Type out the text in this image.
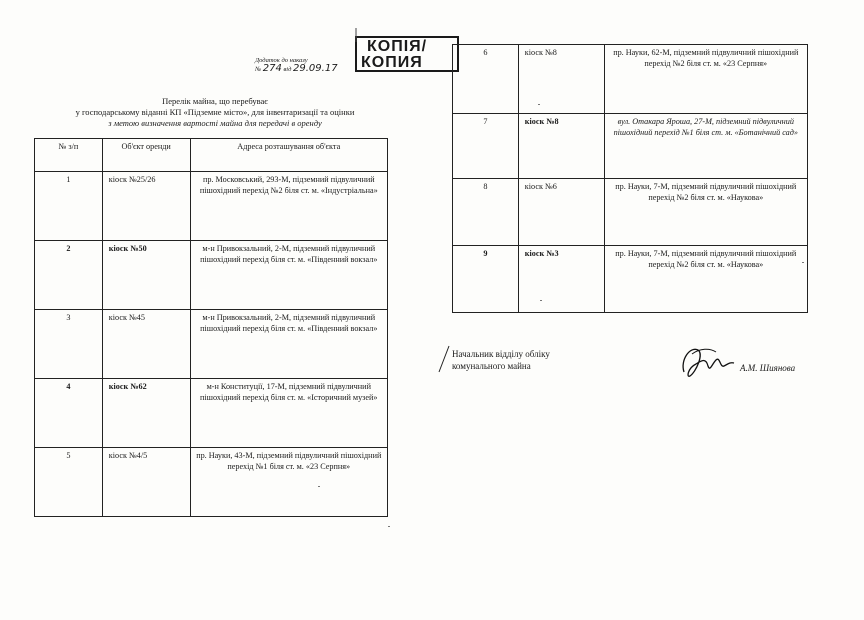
КОПІЯ/
КОПИЯ
Додаток до наказу
№ 274 від 29.09.17
Перелік майна, що перебуває
у господарському віданні КП «Підземне місто», для інвентаризації та оцінки
з метою визначення вартості майна для передачі в оренду
№ з/п	Об'єкт оренди	Адреса розташування об'єкта
1	кіоск №25/26	пр. Московський, 293-М, підземний підвуличний пішохідний перехід №2 біля ст. м. «Індустріальна»
2	кіоск №50	м-н Привокзальний, 2-М, підземний підвуличний пішохідний перехід біля ст. м. «Південний вокзал»
3	кіоск №45	м-н Привокзальний, 2-М, підземний підвуличний пішохідний перехід біля ст. м. «Південний вокзал»
4	кіоск №62	м-н Конституції, 17-М, підземний підвуличний пішохідний перехід біля ст. м. «Історичний музей»
5	кіоск №4/5	пр. Науки, 43-М, підземний підвуличний пішохідний перехід №1 біля ст. м. «23 Серпня»
6	кіоск №8	пр. Науки, 62-М, підземний підвуличний пішохідний перехід №2 біля ст. м. «23 Серпня»
7	кіоск №8	вул. Отакара Яроша, 27-М, підземний підвуличний пішохідний перехід №1 біля ст. м. «Ботанічний сад»
8	кіоск №6	пр. Науки, 7-М, підземний підвуличний пішохідний перехід №2 біля ст. м. «Наукова»
9	кіоск №3	пр. Науки, 7-М, підземний підвуличний пішохідний перехід №2 біля ст. м. «Наукова»
Начальник відділу обліку
комунального майна	А.М. Шиянова
